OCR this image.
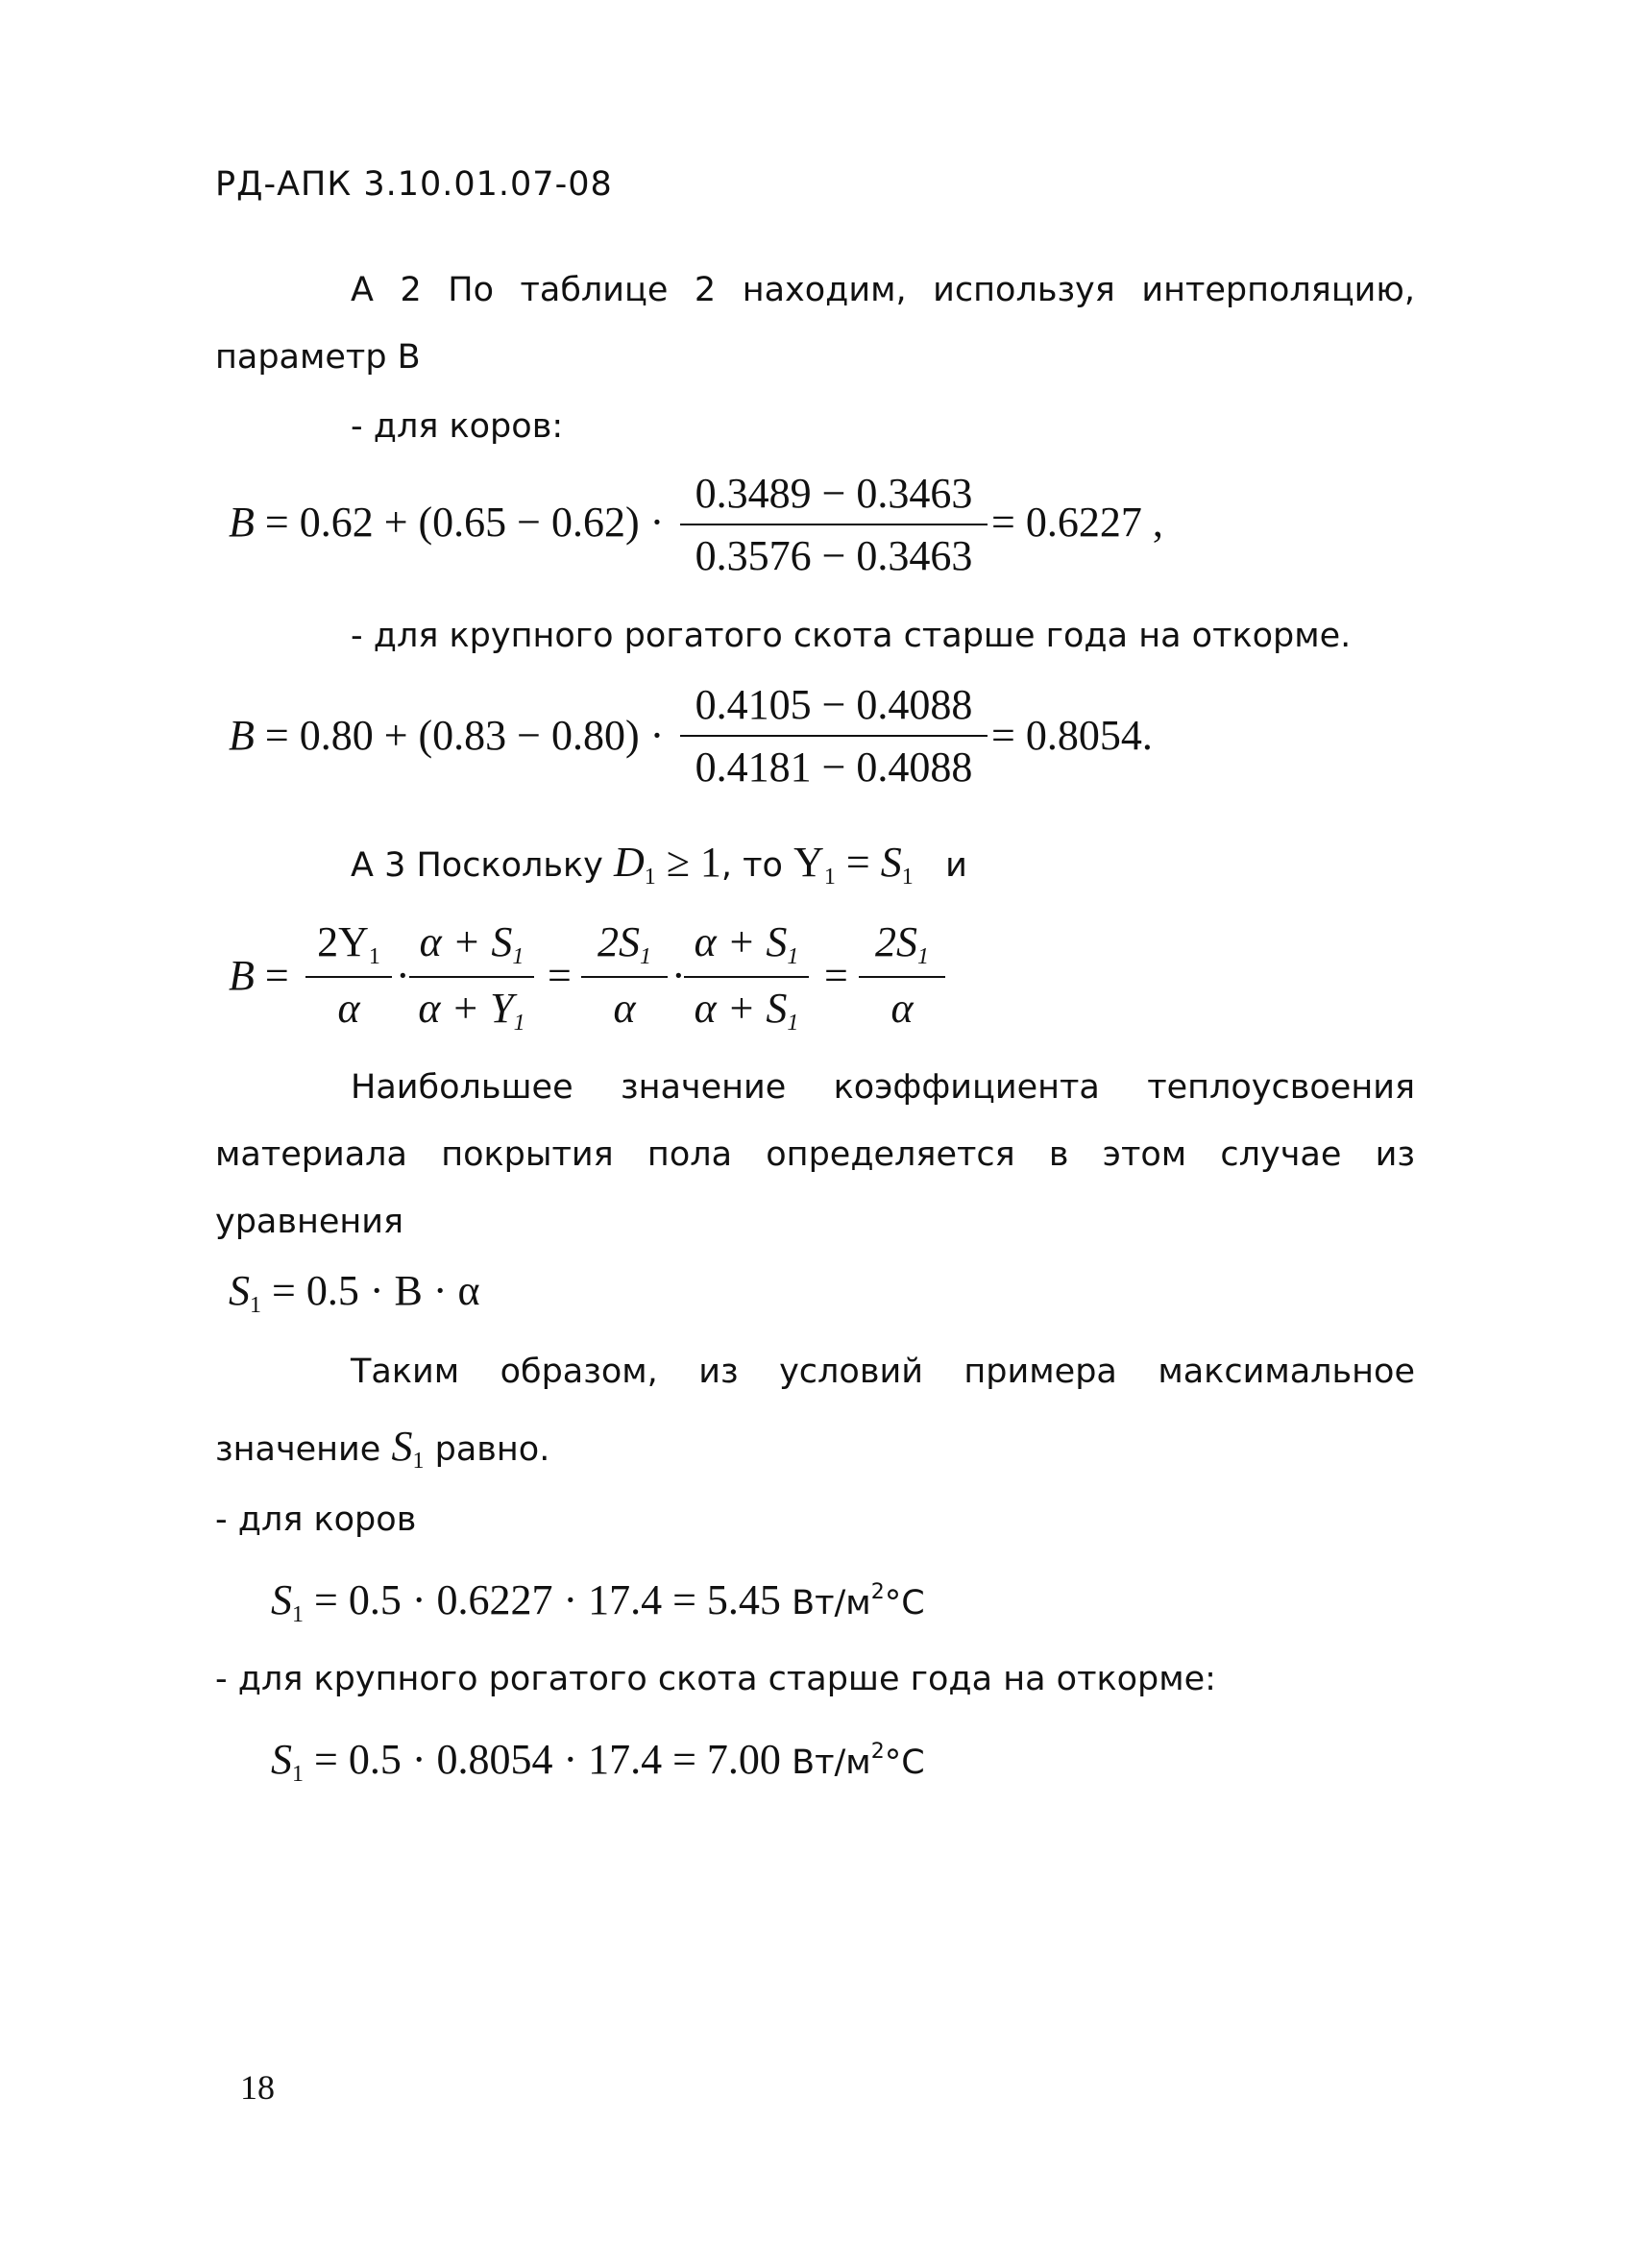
РД-АПК 3.10.01.07-08
А 2 По таблице 2 находим, используя интерполяцию,
параметр В
- для коров:
B = 0.62 + (0.65 − 0.62) ·
0.3489 − 0.3463
0.3576 − 0.3463
= 0.6227 ,
- для крупного рогатого скота старше года на откорме.
B = 0.80 + (0.83 − 0.80) ·
0.4105 − 0.4088
0.4181 − 0.4088
= 0.8054.
А 3 Поскольку $D_1 \ge 1$, то $Y_1 = S_1$ и
B =
$2Y_1$
α
·
$\alpha + S_1$
$\alpha + Y_1$
=
$2S_1$
α
·
$\alpha + S_1$
$\alpha + S_1$
=
$2S_1$
α
Наибольшее значение коэффициента теплоусвоения
материала покрытия пола определяется в этом случае из
уравнения
$S_1 = 0.5 \cdot B \cdot \alpha$
Таким образом, из условий примера максимальное
значение $S_1$ равно.
- для коров
$S_1 = 0.5 \cdot 0.6227 \cdot 17.4 = 5.45$ $Вт/м^2^\circ С$
- для крупного рогатого скота старше года на откорме:
$S_1 = 0.5 \cdot 0.8054 \cdot 17.4 = 7.00$ $Вт/м^2^\circ С$
18
